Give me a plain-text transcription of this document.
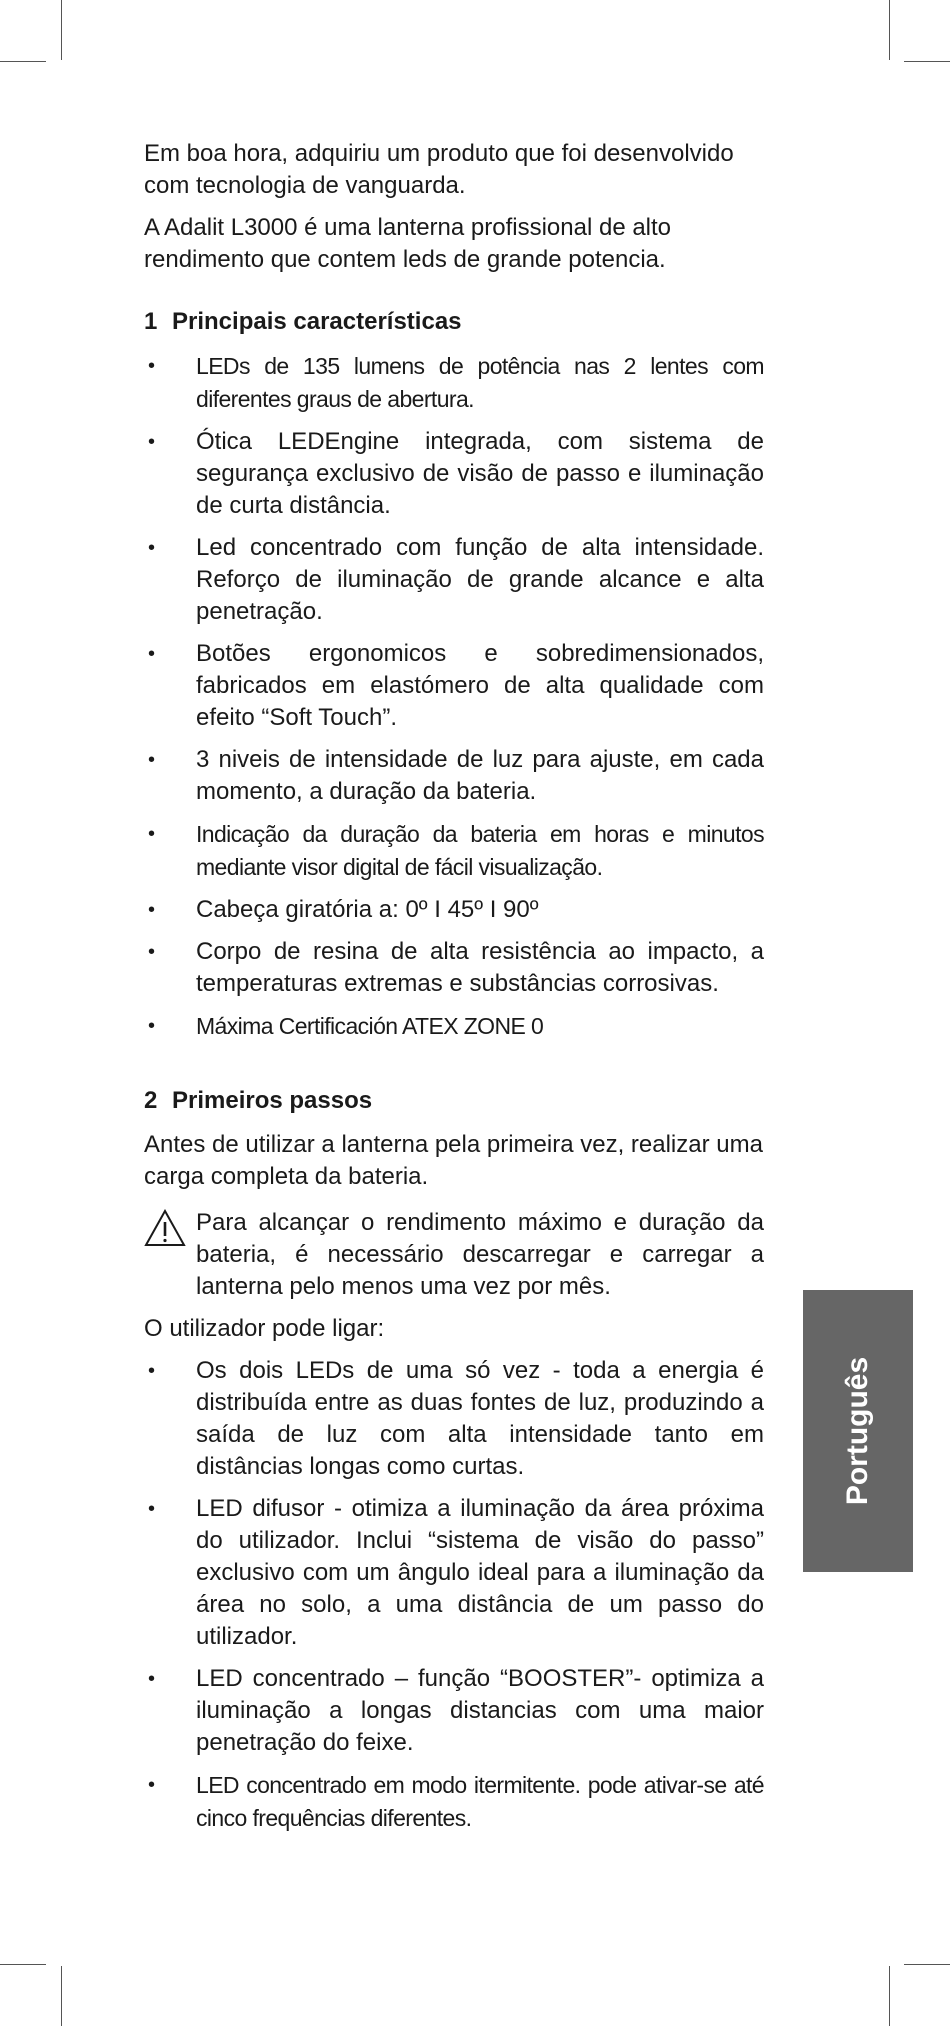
Em boa hora, adquiriu um produto que foi desenvolvido com tecnologia de vanguarda.

A Adalit L3000 é uma lanterna profissional de alto rendimento que contem leds de grande potencia.

1 Principais características
• LEDs de 135 lumens de potência nas 2 lentes com diferentes graus de abertura.
• Ótica LEDEngine integrada, com sistema de segurança exclusivo de visão de passo e iluminação de curta distância.
• Led concentrado com função de alta intensidade. Reforço de iluminação de grande alcance e alta penetração.
• Botões ergonomicos e sobredimensionados, fabricados em elastómero de alta qualidade com efeito “Soft Touch”.
• 3 niveis de intensidade de luz para ajuste, em cada momento, a duração da bateria.
• Indicação da duração da bateria em horas e minutos mediante visor digital de fácil visualização.
• Cabeça giratória a: 0º I 45º I 90º
• Corpo de resina de alta resistência ao impacto, a temperaturas extremas e substâncias corrosivas.
• Máxima Certificación ATEX ZONE 0
2 Primeiros passos

Antes de utilizar a lanterna pela primeira vez, realizar uma carga completa da bateria.

Para alcançar o rendimento máximo e duração da bateria, é necessário descarregar e carregar a lanterna pelo menos uma vez por mês.

O utilizador pode ligar:

• Os dois LEDs de uma só vez - toda a energia é distribuída entre as duas fontes de luz, produzindo a saída de luz com alta intensidade tanto em distâncias longas como curtas.
• LED difusor - otimiza a iluminação da área próxima do utilizador. Inclui “sistema de visão do passo” exclusivo com um ângulo ideal para a iluminação da área no solo, a uma distância de um passo do utilizador.
• LED concentrado – função “BOOSTER”- optimiza a iluminação a longas distancias com uma maior penetração do feixe.
• LED concentrado em modo itermitente. pode ativar-se até cinco frequências diferentes.
Português
